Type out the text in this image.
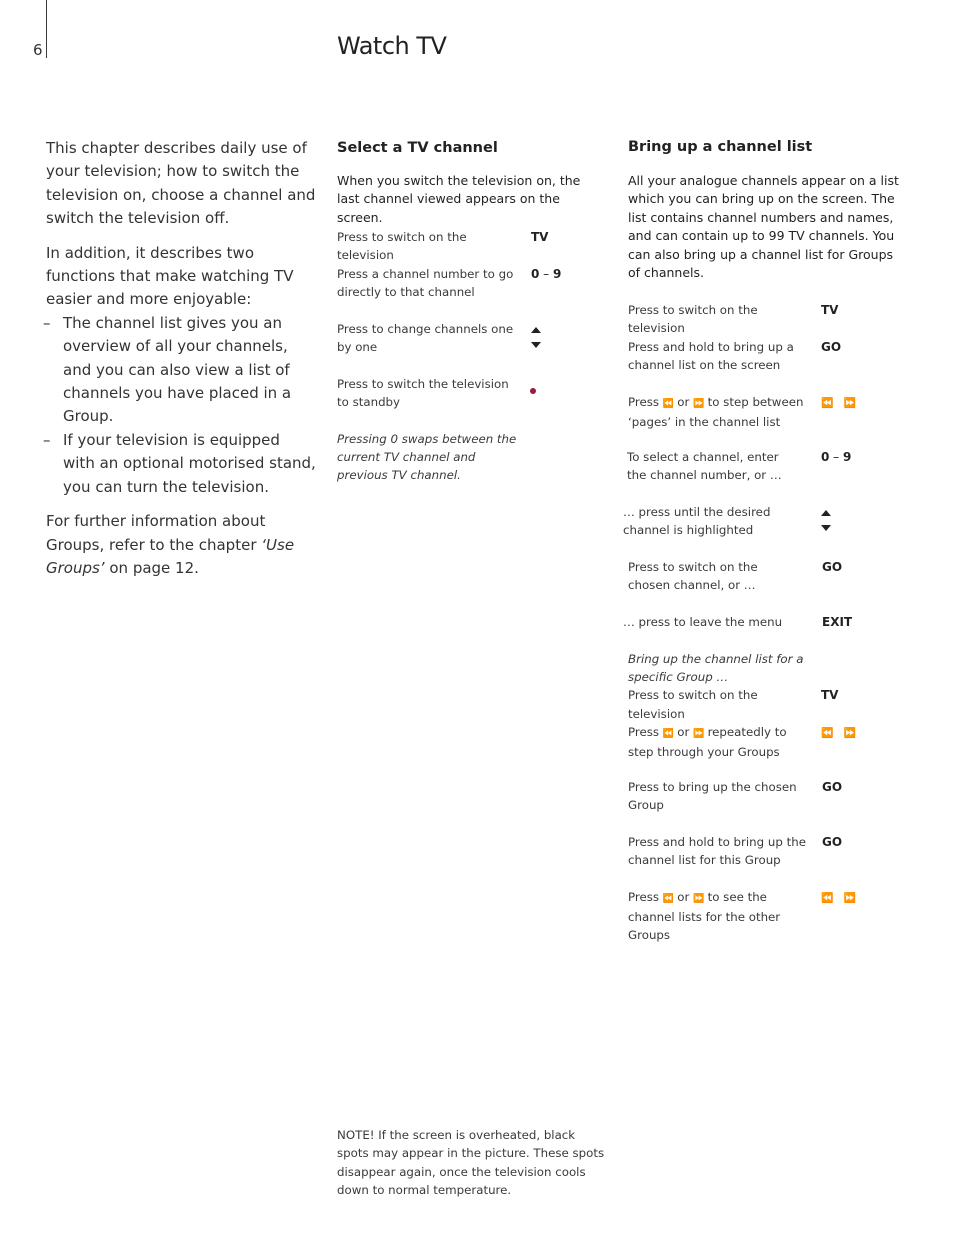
6	Watch TV

This chapter describes daily use of your television; how to switch the television on, choose a channel and switch the television off.

In addition, it describes two functions that make watching TV easier and more enjoyable:

– The channel list gives you an overview of all your channels, and you can also view a list of channels you have placed in a Group.
– If your television is equipped with an optional motorised stand, you can turn the television.

For further information about Groups, refer to the chapter ‘Use Groups’ on page 12.

Select a TV channel

When you switch the television on, the last channel viewed appears on the screen.

Press to switch on the television
TV
Press a channel number to go directly to that channel
0 – 9
Press to change channels one by one
Press to switch the television to standby
Pressing 0 swaps between the current TV channel and previous TV channel.
Bring up a channel list

All your analogue channels appear on a list which you can bring up on the screen. The list contains channel numbers and names, and can contain up to 99 TV channels. You can also bring up a channel list for Groups of channels.

Press to switch on the television
TV
Press and hold to bring up a channel list on the screen
GO
Press ⏪ or ⏩ to step between ‘pages’ in the channel list
⏪ ⏩
To select a channel, enter the channel number, or …
0 – 9
… press until the desired channel is highlighted
Press to switch on the chosen channel, or …
GO
… press to leave the menu	EXIT
Bring up the channel list for a specific Group …
Press to switch on the television
TV
Press ⏪ or ⏩ repeatedly to step through your Groups
⏪ ⏩
Press to bring up the chosen Group
GO
Press and hold to bring up the channel list for this Group
GO
Press ⏪ or ⏩ to see the channel lists for the other Groups
⏪ ⏩

NOTE! If the screen is overheated, black spots may appear in the picture. These spots disappear again, once the television cools down to normal temperature.
